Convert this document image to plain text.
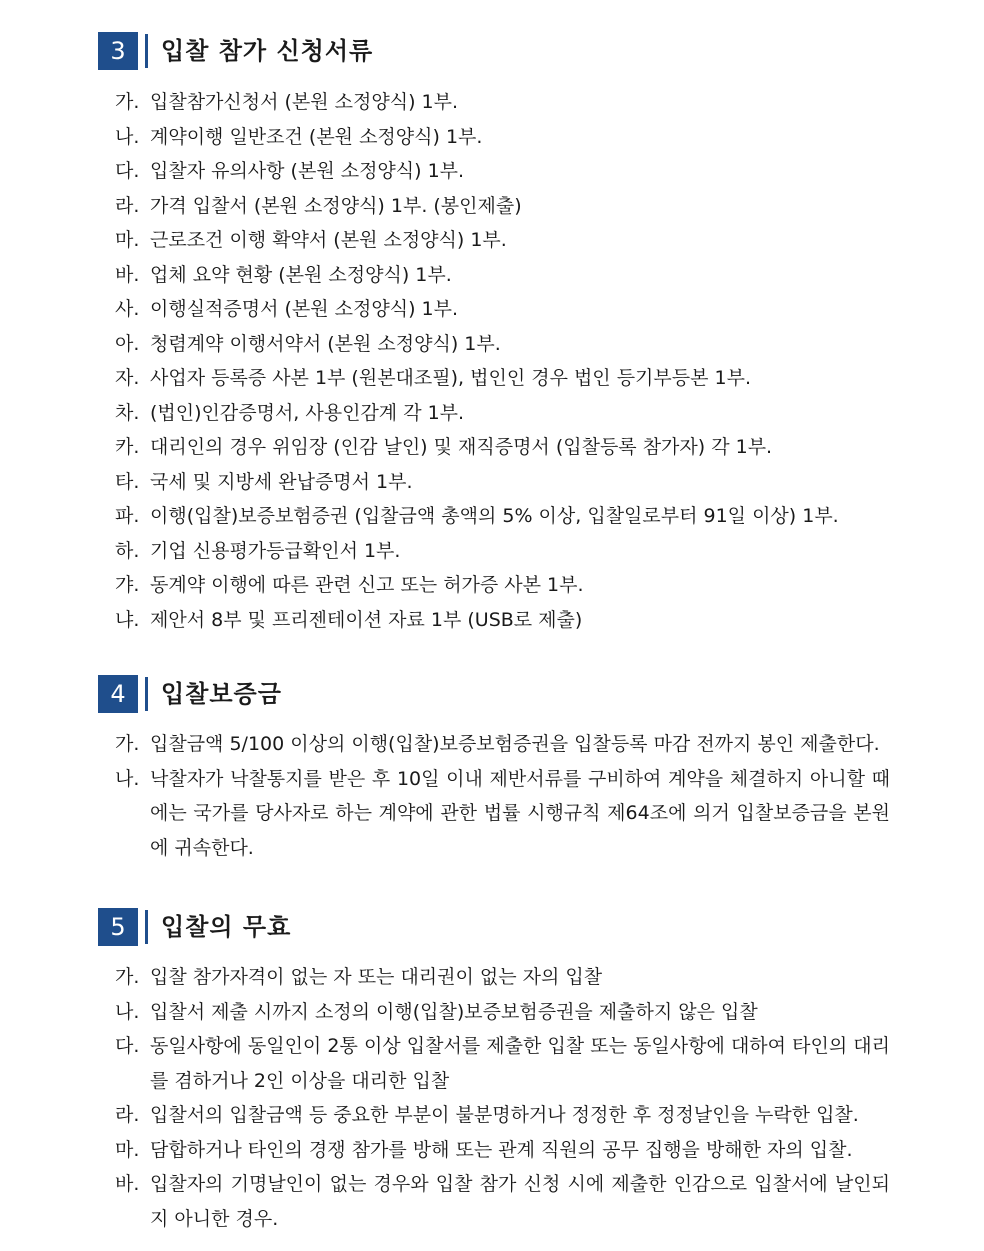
3	입찰 참가 신청서류
가. 입찰참가신청서 (본원 소정양식) 1부.
나. 계약이행 일반조건 (본원 소정양식) 1부.
다. 입찰자 유의사항 (본원 소정양식) 1부.
라. 가격 입찰서 (본원 소정양식) 1부. (봉인제출)
마. 근로조건 이행 확약서 (본원 소정양식) 1부.
바. 업체 요약 현황 (본원 소정양식) 1부.
사. 이행실적증명서 (본원 소정양식) 1부.
아. 청렴계약 이행서약서 (본원 소정양식) 1부.
자. 사업자 등록증 사본 1부 (원본대조필), 법인인 경우 법인 등기부등본 1부.
차. (법인)인감증명서, 사용인감계 각 1부.
카. 대리인의 경우 위임장 (인감 날인) 및 재직증명서 (입찰등록 참가자) 각 1부.
타. 국세 및 지방세 완납증명서 1부.
파. 이행(입찰)보증보험증권 (입찰금액 총액의 5% 이상, 입찰일로부터 91일 이상) 1부.
하. 기업 신용평가등급확인서 1부.
갸. 동계약 이행에 따른 관련 신고 또는 허가증 사본 1부.
냐. 제안서 8부 및 프리젠테이션 자료 1부 (USB로 제출)
4	입찰보증금
가. 입찰금액 5/100 이상의 이행(입찰)보증보험증권을 입찰등록 마감 전까지 봉인 제출한다.
나. 낙찰자가 낙찰통지를 받은 후 10일 이내 제반서류를 구비하여 계약을 체결하지 아니할 때에는 국가를 당사자로 하는 계약에 관한 법률 시행규칙 제64조에 의거 입찰보증금을 본원에 귀속한다.
5	입찰의 무효
가. 입찰 참가자격이 없는 자 또는 대리권이 없는 자의 입찰
나. 입찰서 제출 시까지 소정의 이행(입찰)보증보험증권을 제출하지 않은 입찰
다. 동일사항에 동일인이 2통 이상 입찰서를 제출한 입찰 또는 동일사항에 대하여 타인의 대리를 겸하거나 2인 이상을 대리한 입찰
라. 입찰서의 입찰금액 등 중요한 부분이 불분명하거나 정정한 후 정정날인을 누락한 입찰.
마. 담합하거나 타인의 경쟁 참가를 방해 또는 관계 직원의 공무 집행을 방해한 자의 입찰.
바. 입찰자의 기명날인이 없는 경우와 입찰 참가 신청 시에 제출한 인감으로 입찰서에 날인되지 아니한 경우.
